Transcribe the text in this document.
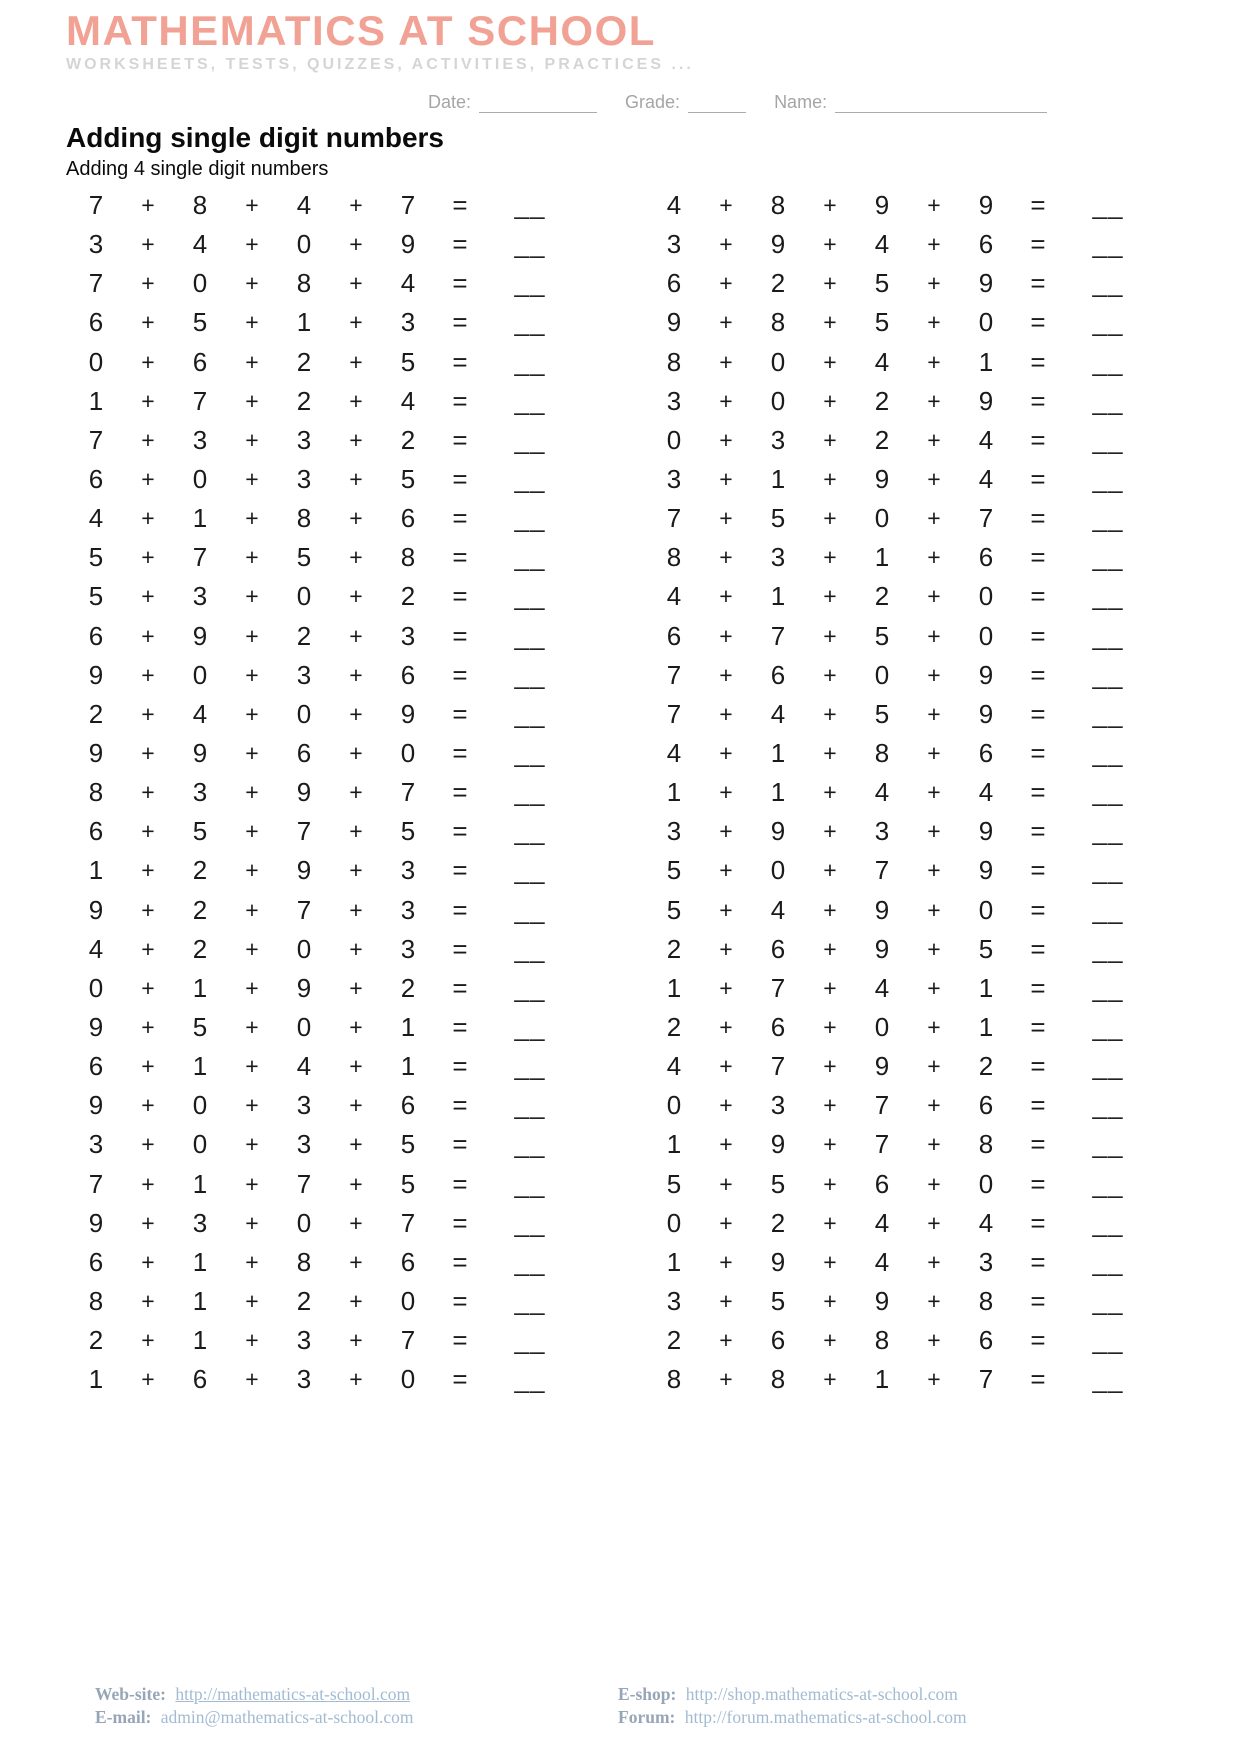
MATHEMATICS AT SCHOOL
WORKSHEETS, TESTS, QUIZZES, ACTIVITIES, PRACTICES ...
Date:	Grade:	Name:
Adding single digit numbers
Adding 4 single digit numbers
7	+	8	+	4	+	7	=	__
3	+	4	+	0	+	9	=	__
7	+	0	+	8	+	4	=	__
6	+	5	+	1	+	3	=	__
0	+	6	+	2	+	5	=	__
1	+	7	+	2	+	4	=	__
7	+	3	+	3	+	2	=	__
6	+	0	+	3	+	5	=	__
4	+	1	+	8	+	6	=	__
5	+	7	+	5	+	8	=	__
5	+	3	+	0	+	2	=	__
6	+	9	+	2	+	3	=	__
9	+	0	+	3	+	6	=	__
2	+	4	+	0	+	9	=	__
9	+	9	+	6	+	0	=	__
8	+	3	+	9	+	7	=	__
6	+	5	+	7	+	5	=	__
1	+	2	+	9	+	3	=	__
9	+	2	+	7	+	3	=	__
4	+	2	+	0	+	3	=	__
0	+	1	+	9	+	2	=	__
9	+	5	+	0	+	1	=	__
6	+	1	+	4	+	1	=	__
9	+	0	+	3	+	6	=	__
3	+	0	+	3	+	5	=	__
7	+	1	+	7	+	5	=	__
9	+	3	+	0	+	7	=	__
6	+	1	+	8	+	6	=	__
8	+	1	+	2	+	0	=	__
2	+	1	+	3	+	7	=	__
1	+	6	+	3	+	0	=	__
4	+	8	+	9	+	9	=	__
3	+	9	+	4	+	6	=	__
6	+	2	+	5	+	9	=	__
9	+	8	+	5	+	0	=	__
8	+	0	+	4	+	1	=	__
3	+	0	+	2	+	9	=	__
0	+	3	+	2	+	4	=	__
3	+	1	+	9	+	4	=	__
7	+	5	+	0	+	7	=	__
8	+	3	+	1	+	6	=	__
4	+	1	+	2	+	0	=	__
6	+	7	+	5	+	0	=	__
7	+	6	+	0	+	9	=	__
7	+	4	+	5	+	9	=	__
4	+	1	+	8	+	6	=	__
1	+	1	+	4	+	4	=	__
3	+	9	+	3	+	9	=	__
5	+	0	+	7	+	9	=	__
5	+	4	+	9	+	0	=	__
2	+	6	+	9	+	5	=	__
1	+	7	+	4	+	1	=	__
2	+	6	+	0	+	1	=	__
4	+	7	+	9	+	2	=	__
0	+	3	+	7	+	6	=	__
1	+	9	+	7	+	8	=	__
5	+	5	+	6	+	0	=	__
0	+	2	+	4	+	4	=	__
1	+	9	+	4	+	3	=	__
3	+	5	+	9	+	8	=	__
2	+	6	+	8	+	6	=	__
8	+	8	+	1	+	7	=	__
Web-site: http://mathematics-at-school.com
E-mail: admin@mathematics-at-school.com
E-shop: http://shop.mathematics-at-school.com
Forum: http://forum.mathematics-at-school.com
